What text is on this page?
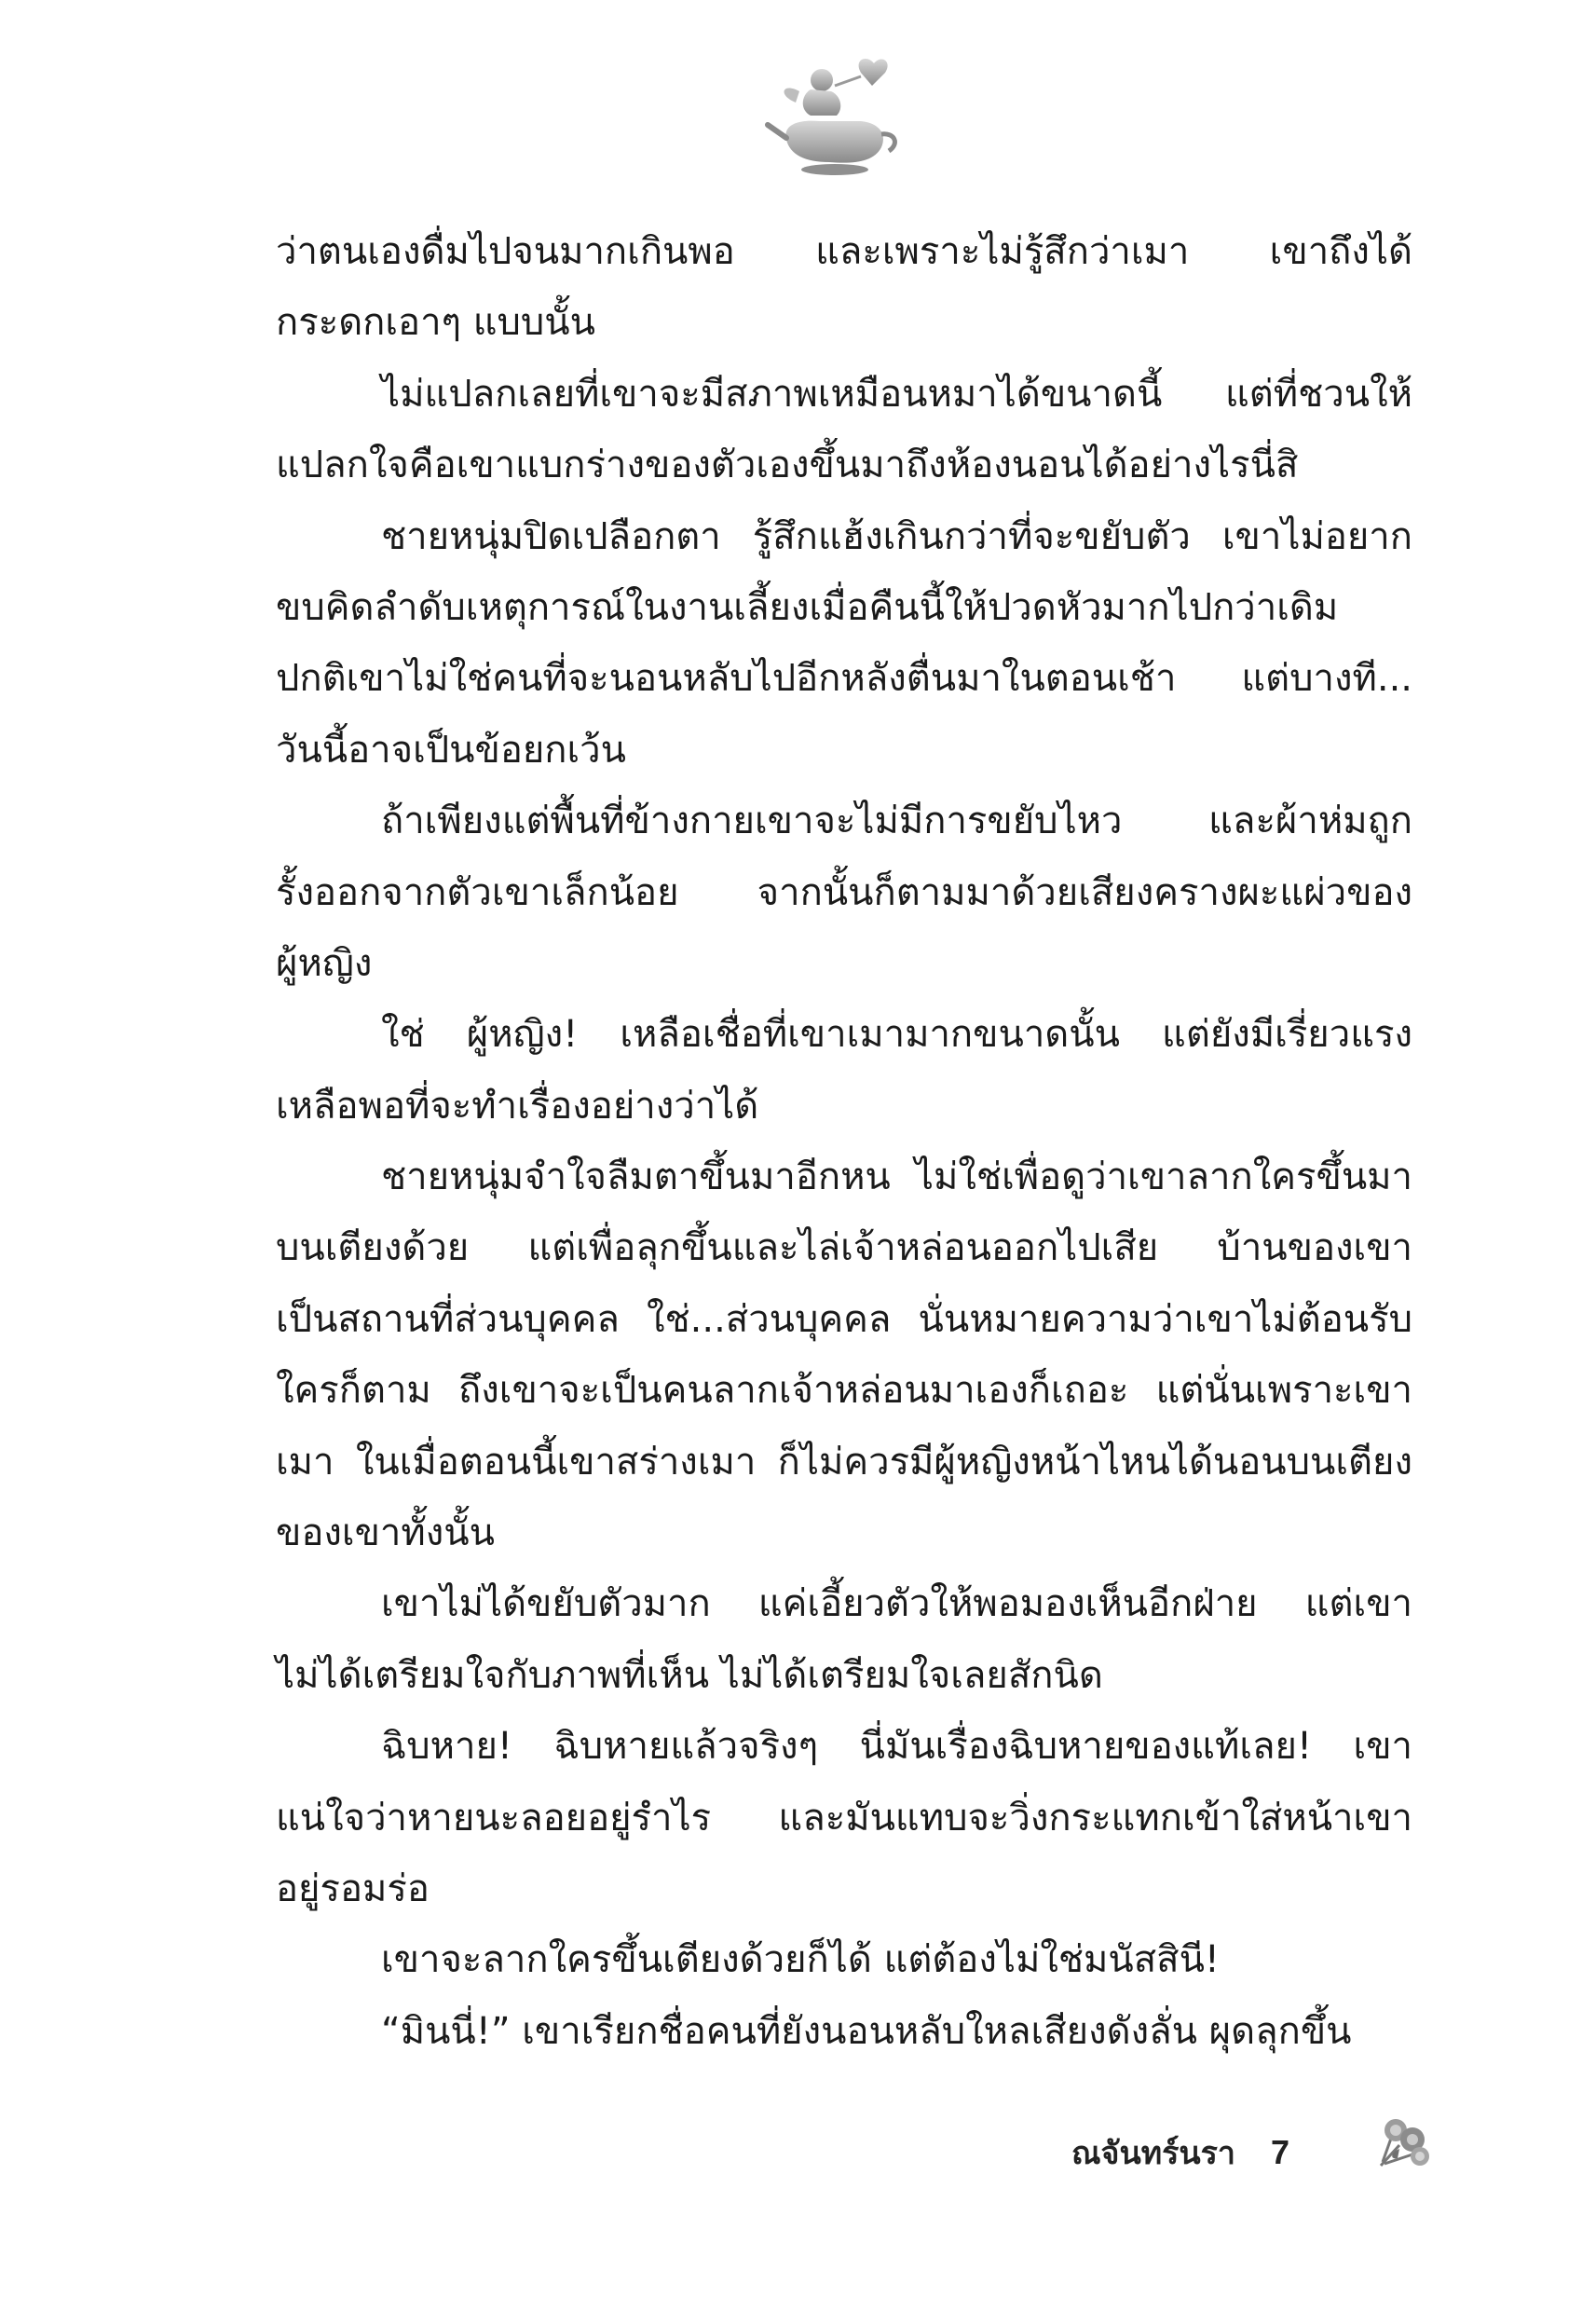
ว่าตนเองดื่มไปจนมากเกินพอ และเพราะไม่รู้สึกว่าเมา เขาถึงได้
กระดกเอาๆ แบบนั้น
ไม่แปลกเลยที่เขาจะมีสภาพเหมือนหมาได้ขนาดนี้ แต่ที่ชวนให้
แปลกใจคือเขาแบกร่างของตัวเองขึ้นมาถึงห้องนอนได้อย่างไรนี่สิ
ชายหนุ่มปิดเปลือกตา รู้สึกแฮ้งเกินกว่าที่จะขยับตัว เขาไม่อยาก
ขบคิดลำดับเหตุการณ์ในงานเลี้ยงเมื่อคืนนี้ให้ปวดหัวมากไปกว่าเดิม
ปกติเขาไม่ใช่คนที่จะนอนหลับไปอีกหลังตื่นมาในตอนเช้า แต่บางที...
วันนี้อาจเป็นข้อยกเว้น
ถ้าเพียงแต่พื้นที่ข้างกายเขาจะไม่มีการขยับไหว และผ้าห่มถูก
รั้งออกจากตัวเขาเล็กน้อย จากนั้นก็ตามมาด้วยเสียงครางผะแผ่วของ
ผู้หญิง
ใช่ ผู้หญิง! เหลือเชื่อที่เขาเมามากขนาดนั้น แต่ยังมีเรี่ยวแรง
เหลือพอที่จะทำเรื่องอย่างว่าได้
ชายหนุ่มจำใจลืมตาขึ้นมาอีกหน ไม่ใช่เพื่อดูว่าเขาลากใครขึ้นมา
บนเตียงด้วย แต่เพื่อลุกขึ้นและไล่เจ้าหล่อนออกไปเสีย บ้านของเขา
เป็นสถานที่ส่วนบุคคล ใช่...ส่วนบุคคล นั่นหมายความว่าเขาไม่ต้อนรับ
ใครก็ตาม ถึงเขาจะเป็นคนลากเจ้าหล่อนมาเองก็เถอะ แต่นั่นเพราะเขา
เมา ในเมื่อตอนนี้เขาสร่างเมา ก็ไม่ควรมีผู้หญิงหน้าไหนได้นอนบนเตียง
ของเขาทั้งนั้น
เขาไม่ได้ขยับตัวมาก แค่เอี้ยวตัวให้พอมองเห็นอีกฝ่าย แต่เขา
ไม่ได้เตรียมใจกับภาพที่เห็น ไม่ได้เตรียมใจเลยสักนิด
ฉิบหาย! ฉิบหายแล้วจริงๆ นี่มันเรื่องฉิบหายของแท้เลย! เขา
แน่ใจว่าหายนะลอยอยู่รำไร และมันแทบจะวิ่งกระแทกเข้าใส่หน้าเขา
อยู่รอมร่อ
เขาจะลากใครขึ้นเตียงด้วยก็ได้ แต่ต้องไม่ใช่มนัสสินี!
“มินนี่!” เขาเรียกชื่อคนที่ยังนอนหลับใหลเสียงดังลั่น ผุดลุกขึ้น
ณจันทร์นรา 7
